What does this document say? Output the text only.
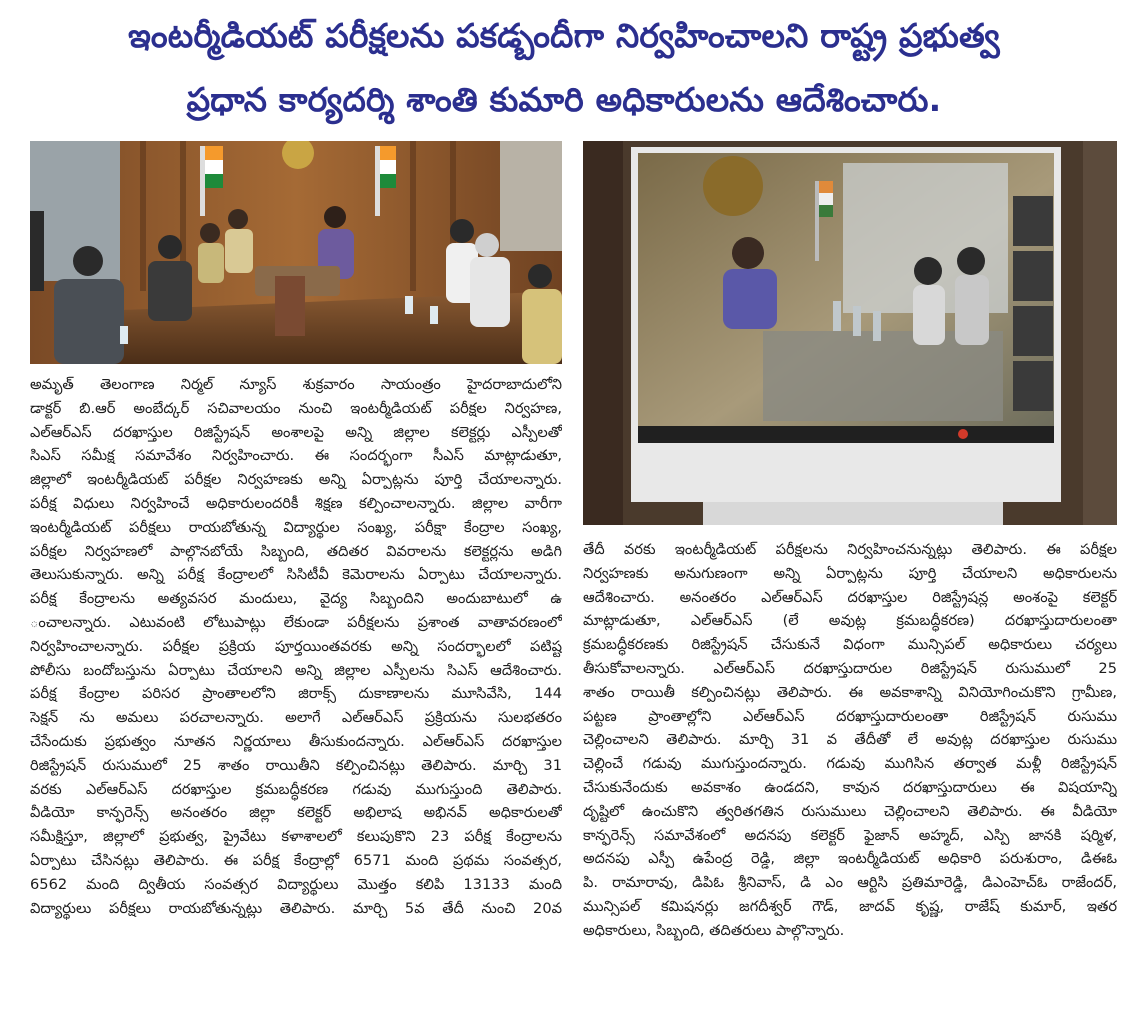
ఇంటర్మీడియట్ పరీక్షలను పకడ్బందీగా నిర్వహించాలని రాష్ట్ర ప్రభుత్వ
ప్రధాన కార్యదర్శి శాంతి కుమారి అధికారులను ఆదేశించారు.

అమృత్ తెలంగాణ నిర్మల్ న్యూస్ శుక్రవారం సాయంత్రం హైదరాబాదులోని

డాక్టర్ బి.ఆర్ అంబేద్కర్ సచివాలయం నుంచి ఇంటర్మీడియట్ పరీక్షల నిర్వహణ,

ఎల్ఆర్ఎస్ దరఖాస్తుల రిజిస్ట్రేషన్ అంశాలపై అన్ని జిల్లాల కలెక్టర్లు ఎస్పీలతో

సిఎస్ సమీక్ష సమావేశం నిర్వహించారు. ఈ సందర్భంగా సీఎస్ మాట్లాడుతూ,

జిల్లాలో ఇంటర్మీడియట్ పరీక్షల నిర్వహణకు అన్ని ఏర్పాట్లను పూర్తి చేయాలన్నారు.

పరీక్ష విధులు నిర్వహించే అధికారులందరికీ శిక్షణ కల్పించాలన్నారు. జిల్లాల వారీగా

ఇంటర్మీడియట్ పరీక్షలు రాయబోతున్న విద్యార్థుల సంఖ్య, పరీక్షా కేంద్రాల సంఖ్య,

పరీక్షల నిర్వహణలో పాల్గొనబోయే సిబ్బంది, తదితర వివరాలను కలెక్టర్లను అడిగి

తెలుసుకున్నారు. అన్ని పరీక్ష కేంద్రాలలో సిసిటీవీ కెమెరాలను ఏర్పాటు చేయాలన్నారు.

పరీక్ష కేంద్రాలను అత్యవసర మందులు, వైద్య సిబ్బందిని అందుబాటులో ఉ

ంచాలన్నారు. ఎటువంటి లోటుపాట్లు లేకుండా పరీక్షలను ప్రశాంత వాతావరణంలో

నిర్వహించాలన్నారు. పరీక్షల ప్రక్రియ పూర్తయింతవరకు అన్ని సందర్భాలలో పటిష్ట

పోలీసు బందోబస్తును ఏర్పాటు చేయాలని అన్ని జిల్లాల ఎస్పీలను సిఎస్ ఆదేశించారు.

పరీక్ష కేంద్రాల పరిసర ప్రాంతాలలోని జిరాక్స్ దుకాణాలను మూసివేసి, 144

సెక్షన్ ను అమలు పరచాలన్నారు. అలాగే ఎల్ఆర్ఎస్ ప్రక్రియను సులభతరం

చేసేందుకు ప్రభుత్వం నూతన నిర్ణయాలు తీసుకుందన్నారు. ఎల్ఆర్ఎస్ దరఖాస్తుల

రిజిస్ట్రేషన్ రుసుములో 25 శాతం రాయితీని కల్పించినట్లు తెలిపారు. మార్చి 31

వరకు ఎల్ఆర్ఎస్ దరఖాస్తుల క్రమబద్ధీకరణ గడువు ముగుస్తుంది తెలిపారు.

వీడియో కాన్ఫరెన్స్ అనంతరం జిల్లా కలెక్టర్ అభిలాష అభినవ్ అధికారులతో

సమీక్షిస్తూ, జిల్లాలో ప్రభుత్వ, ప్రైవేటు కళాశాలలో కలుపుకొని 23 పరీక్ష కేంద్రాలను

ఏర్పాటు చేసినట్లు తెలిపారు. ఈ పరీక్ష కేంద్రాల్లో 6571 మంది ప్రథమ సంవత్సర,

6562 మంది ద్వితీయ సంవత్సర విద్యార్థులు మొత్తం కలిపి 13133 మంది

విద్యార్థులు పరీక్షలు రాయబోతున్నట్లు తెలిపారు. మార్చి 5వ తేదీ నుంచి 20వ

తేదీ వరకు ఇంటర్మీడియట్ పరీక్షలను నిర్వహించనున్నట్లు తెలిపారు. ఈ పరీక్షల

నిర్వహణకు అనుగుణంగా అన్ని ఏర్పాట్లను పూర్తి చేయాలని అధికారులను

ఆదేశించారు. అనంతరం ఎల్ఆర్ఎస్ దరఖాస్తుల రిజిస్ట్రేషన్ల అంశంపై కలెక్టర్

మాట్లాడుతూ, ఎల్ఆర్ఎస్ (లే అవుట్ల క్రమబద్ధీకరణ) దరఖాస్తుదారులంతా

క్రమబద్ధీకరణకు రిజిస్ట్రేషన్ చేసుకునే విధంగా మున్సిపల్ అధికారులు చర్యలు

తీసుకోవాలన్నారు. ఎల్ఆర్ఎస్ దరఖాస్తుదారుల రిజిస్ట్రేషన్ రుసుములో 25

శాతం రాయితీ కల్పించినట్లు తెలిపారు. ఈ అవకాశాన్ని వినియోగించుకొని గ్రామీణ,

పట్టణ ప్రాంతాల్లోని ఎల్ఆర్ఎస్ దరఖాస్తుదారులంతా రిజిస్ట్రేషన్ రుసుము

చెల్లించాలని తెలిపారు. మార్చి 31 వ తేదీతో లే అవుట్ల దరఖాస్తుల రుసుము

చెల్లించే గడువు ముగుస్తుందన్నారు. గడువు ముగిసిన తర్వాత మళ్లీ రిజిస్ట్రేషన్

చేసుకునేందుకు అవకాశం ఉండదని, కావున దరఖాస్తుదారులు ఈ విషయాన్ని

దృష్టిలో ఉంచుకొని త్వరితగతిన రుసుములు చెల్లించాలని తెలిపారు. ఈ వీడియో

కాన్ఫరెన్స్ సమావేశంలో అదనపు కలెక్టర్ ఫైజాన్ అహ్మద్, ఎస్పి జానకి షర్మిళ,

అదనపు ఎస్పీ ఉపేంద్ర రెడ్డి, జిల్లా ఇంటర్మీడియట్ అధికారి పరుశురాం, డిఈఓ

పి. రామారావు, డిపిఓ శ్రీనివాస్, డి ఎం ఆర్టిసి ప్రతిమారెడ్డి, డిఎంహెచ్ఓ రాజేందర్,

మున్సిపల్ కమిషనర్లు జగదీశ్వర్ గౌడ్, జాదవ్ కృష్ణ, రాజేష్ కుమార్, ఇతర

అధికారులు, సిబ్బంది, తదితరులు పాల్గొన్నారు.
